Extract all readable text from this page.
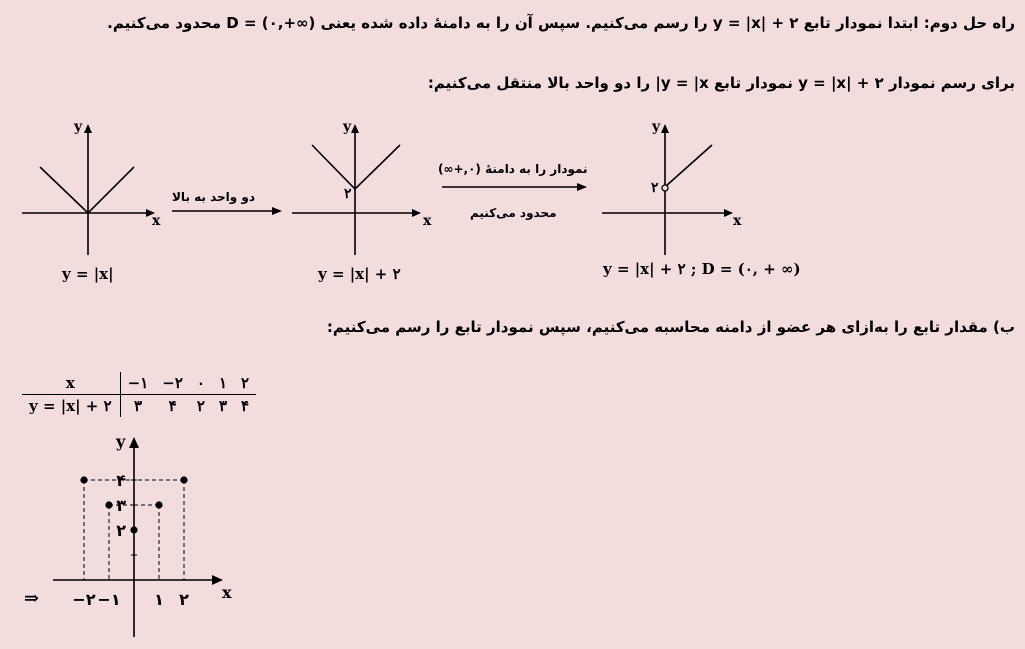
راه حل دوم: ابتدا نمودار تابع y = |x| + ۲ را رسم می‌کنیم. سپس آن را به دامنهٔ داده شده یعنی D = (۰,+∞) محدود می‌کنیم.
برای رسم نمودار y = |x| + ۲ نمودار تابع y = |x| را دو واحد بالا منتقل می‌کنیم:
ب) مقدار تابع را به‌ازای هر عضو از دامنه محاسبه می‌کنیم، سپس نمودار تابع را رسم می‌کنیم:
y
x
y = |x|
دو واحد به بالا
y
x
۲
y = |x| + ۲
نمودار را به دامنهٔ (۰,+∞)
محدود می‌کنیم
y
x
۲
y = |x| + ۲ ; D = (۰, + ∞)
x	−۱	−۲	۰	۱	۲
y = |x| + ۲	۳	۴	۲	۳	۴
⇒ −۲ −۱ ۱ ۲
۲
۳
۴
y
x
